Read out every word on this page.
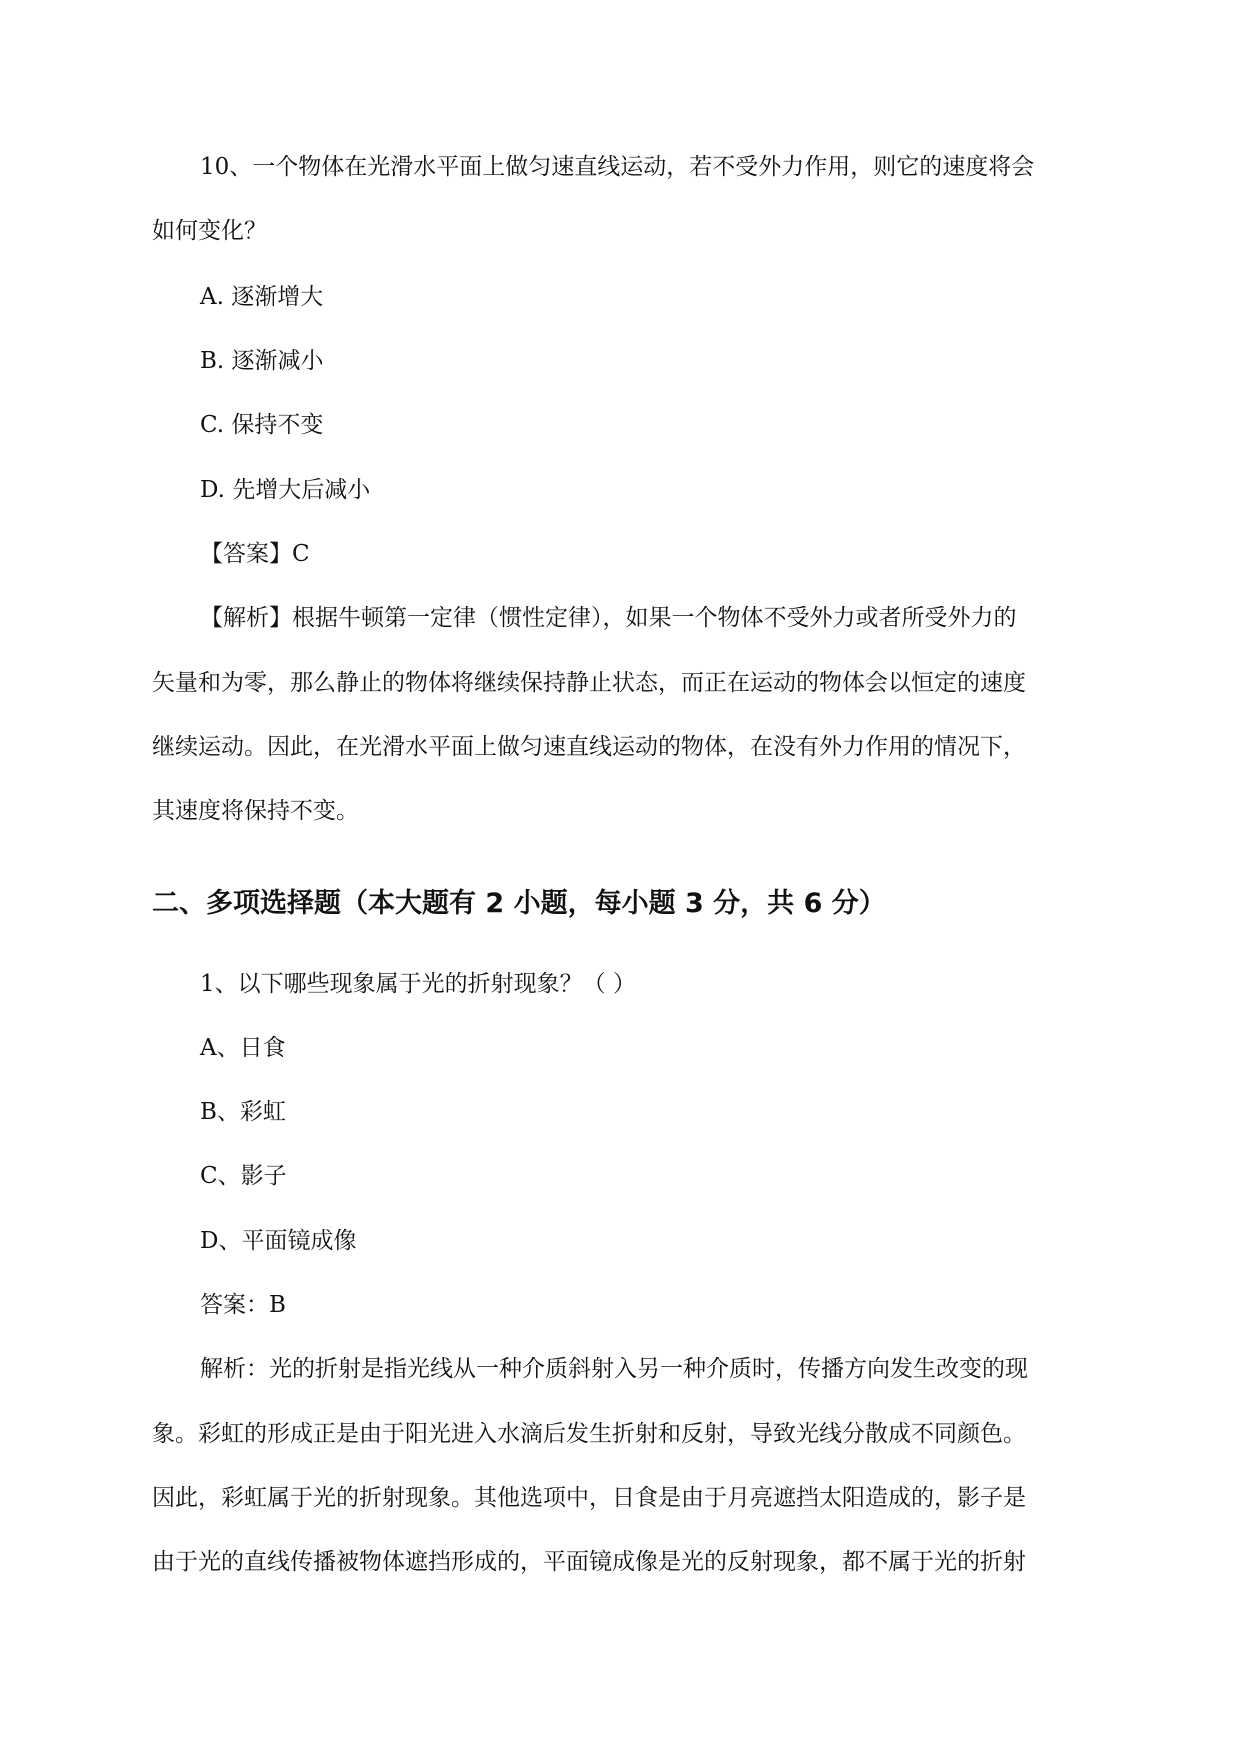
10、一个物体在光滑水平面上做匀速直线运动，若不受外力作用，则它的速度将会
如何变化？
A. 逐渐增大
B. 逐渐减小
C. 保持不变
D. 先增大后减小
【答案】C
【解析】根据牛顿第一定律（惯性定律），如果一个物体不受外力或者所受外力的
矢量和为零，那么静止的物体将继续保持静止状态，而正在运动的物体会以恒定的速度
继续运动。因此，在光滑水平面上做匀速直线运动的物体，在没有外力作用的情况下，
其速度将保持不变。
二、多项选择题（本大题有 2 小题，每小题 3 分，共 6 分）
1、以下哪些现象属于光的折射现象？（ ）
A、日食
B、彩虹
C、影子
D、平面镜成像
答案：B
解析：光的折射是指光线从一种介质斜射入另一种介质时，传播方向发生改变的现
象。彩虹的形成正是由于阳光进入水滴后发生折射和反射，导致光线分散成不同颜色。
因此，彩虹属于光的折射现象。其他选项中，日食是由于月亮遮挡太阳造成的，影子是
由于光的直线传播被物体遮挡形成的，平面镜成像是光的反射现象，都不属于光的折射
